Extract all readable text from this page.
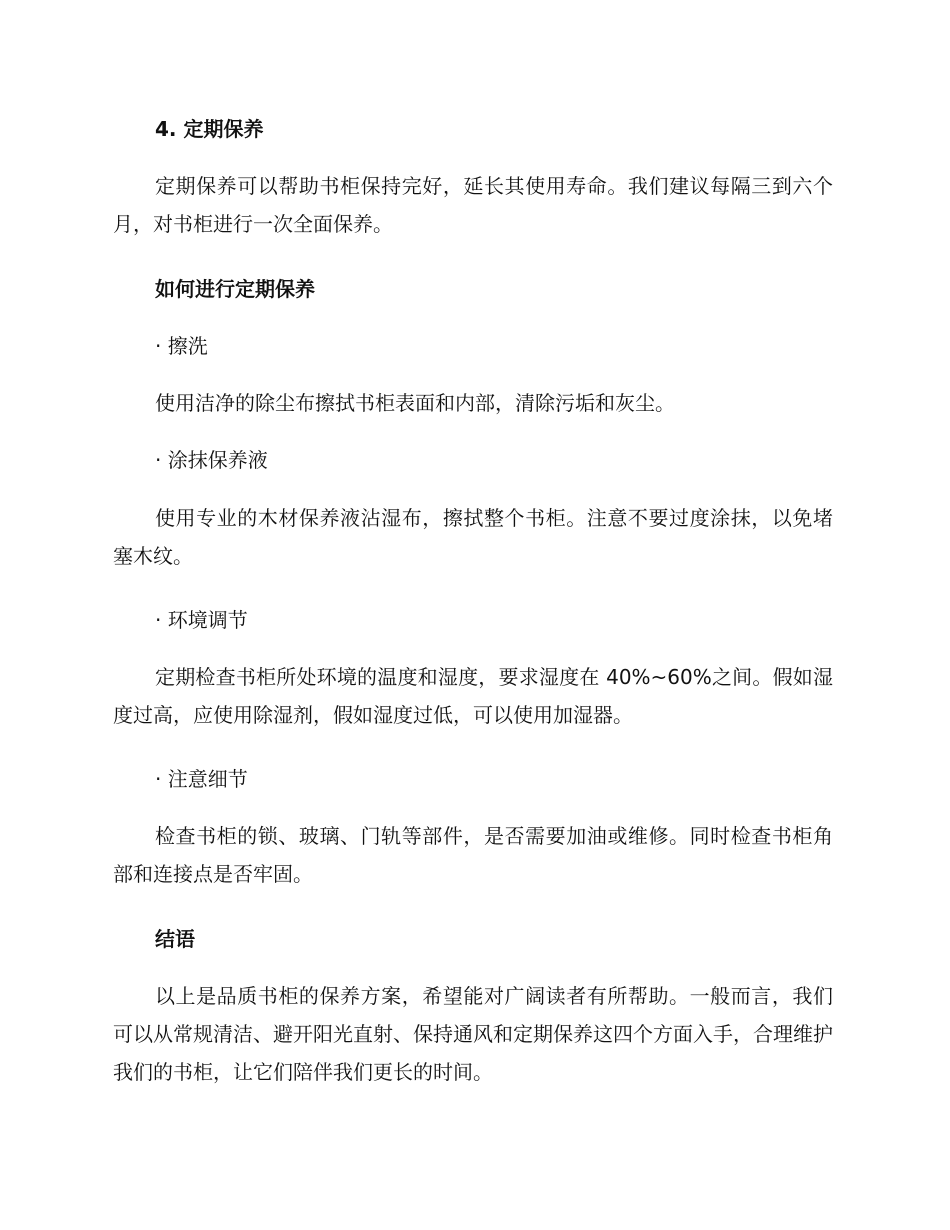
4. 定期保养
定期保养可以帮助书柜保持完好，延长其使用寿命。我们建议每隔三到六个月，对书柜进行一次全面保养。
如何进行定期保养
· 擦洗
使用洁净的除尘布擦拭书柜表面和内部，清除污垢和灰尘。
· 涂抹保养液
使用专业的木材保养液沾湿布，擦拭整个书柜。注意不要过度涂抹，以免堵塞木纹。
· 环境调节
定期检查书柜所处环境的温度和湿度，要求湿度在 40%~60%之间。假如湿度过高，应使用除湿剂，假如湿度过低，可以使用加湿器。
· 注意细节
检查书柜的锁、玻璃、门轨等部件，是否需要加油或维修。同时检查书柜角部和连接点是否牢固。
结语
以上是品质书柜的保养方案，希望能对广阔读者有所帮助。一般而言，我们可以从常规清洁、避开阳光直射、保持通风和定期保养这四个方面入手，合理维护我们的书柜，让它们陪伴我们更长的时间。
